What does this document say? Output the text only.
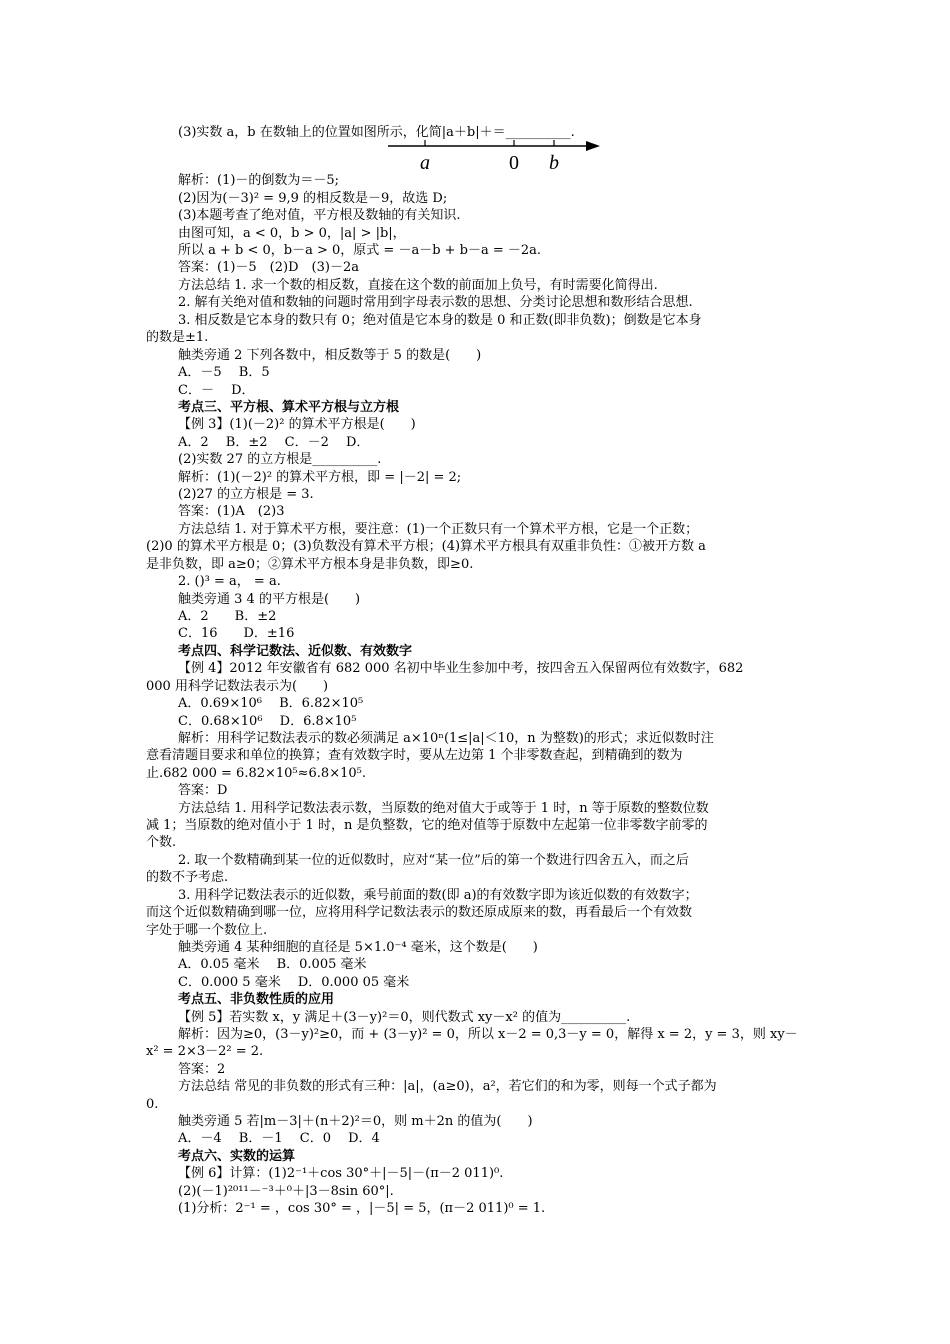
(3)实数 a，b 在数轴上的位置如图所示，化简|a＋b|＋＝__________.
解析：(1)－的倒数为＝－5;
(2)因为(－3)² = 9,9 的相反数是－9，故选 D;
(3)本题考查了绝对值，平方根及数轴的有关知识.
由图可知，a < 0，b > 0，|a| > |b|，
所以 a + b < 0，b－a > 0，原式 = －a－b + b－a = －2a.
答案：(1)－5　(2)D　(3)－2a
方法总结 1. 求一个数的相反数，直接在这个数的前面加上负号，有时需要化简得出.
2. 解有关绝对值和数轴的问题时常用到字母表示数的思想、分类讨论思想和数形结合思想.
3. 相反数是它本身的数只有 0；绝对值是它本身的数是 0 和正数(即非负数)；倒数是它本身
的数是±1.
触类旁通 2 下列各数中，相反数等于 5 的数是(　　)
A．－5　 B．5
C．－　 D．
考点三、平方根、算术平方根与立方根
【例 3】(1)(－2)² 的算术平方根是(　　)
A．2　 B．±2　 C．－2　 D．
(2)实数 27 的立方根是__________.
解析：(1)(－2)² 的算术平方根，即 = |－2| = 2;
(2)27 的立方根是 = 3.
答案：(1)A　(2)3
方法总结 1. 对于算术平方根，要注意：(1)一个正数只有一个算术平方根，它是一个正数；
(2)0 的算术平方根是 0；(3)负数没有算术平方根；(4)算术平方根具有双重非负性：①被开方数 a
是非负数，即 a≥0；②算术平方根本身是非负数，即≥0.
2. ()³ = a， = a.
触类旁通 3 4 的平方根是(　　)
A．2　　B．±2
C．16　　D．±16
考点四、科学记数法、近似数、有效数字
【例 4】2012 年安徽省有 682 000 名初中毕业生参加中考，按四舍五入保留两位有效数字，682
000 用科学记数法表示为(　　)
A．0.69×10⁶　 B．6.82×10⁵
C．0.68×10⁶　 D．6.8×10⁵
解析：用科学记数法表示的数必须满足 a×10ⁿ(1≤|a|＜10，n 为整数)的形式；求近似数时注
意看清题目要求和单位的换算；查有效数字时，要从左边第 1 个非零数查起，到精确到的数为
止.682 000 = 6.82×10⁵≈6.8×10⁵.
答案：D
方法总结 1. 用科学记数法表示数，当原数的绝对值大于或等于 1 时，n 等于原数的整数位数
减 1；当原数的绝对值小于 1 时，n 是负整数，它的绝对值等于原数中左起第一位非零数字前零的
个数.
2. 取一个数精确到某一位的近似数时，应对“某一位”后的第一个数进行四舍五入，而之后
的数不予考虑.
3. 用科学记数法表示的近似数，乘号前面的数(即 a)的有效数字即为该近似数的有效数字；
而这个近似数精确到哪一位，应将用科学记数法表示的数还原成原来的数，再看最后一个有效数
字处于哪一个数位上.
触类旁通 4 某种细胞的直径是 5×1.0⁻⁴ 毫米，这个数是(　　)
A．0.05 毫米　 B．0.005 毫米
C．0.000 5 毫米　 D．0.000 05 毫米
考点五、非负数性质的应用
【例 5】若实数 x，y 满足＋(3－y)²＝0，则代数式 xy－x² 的值为__________.
解析：因为≥0，(3－y)²≥0，而 + (3－y)² = 0，所以 x－2 = 0,3－y = 0，解得 x = 2，y = 3，则 xy－
x² = 2×3－2² = 2.
答案：2
方法总结 常见的非负数的形式有三种：|a|，(a≥0)，a²，若它们的和为零，则每一个式子都为
0.
触类旁通 5 若|m－3|＋(n＋2)²＝0，则 m＋2n 的值为(　　)
A．－4　 B．－1　 C．0　 D．4
考点六、实数的运算
【例 6】计算：(1)2⁻¹＋cos 30°＋|－5|－(π－2 011)⁰.
(2)(－1)²⁰¹¹－⁻³＋⁰＋|3－8sin 60°|.
(1)分析：2⁻¹ = ，cos 30° = ，|－5| = 5，(π－2 011)⁰ = 1.
a	0 b
